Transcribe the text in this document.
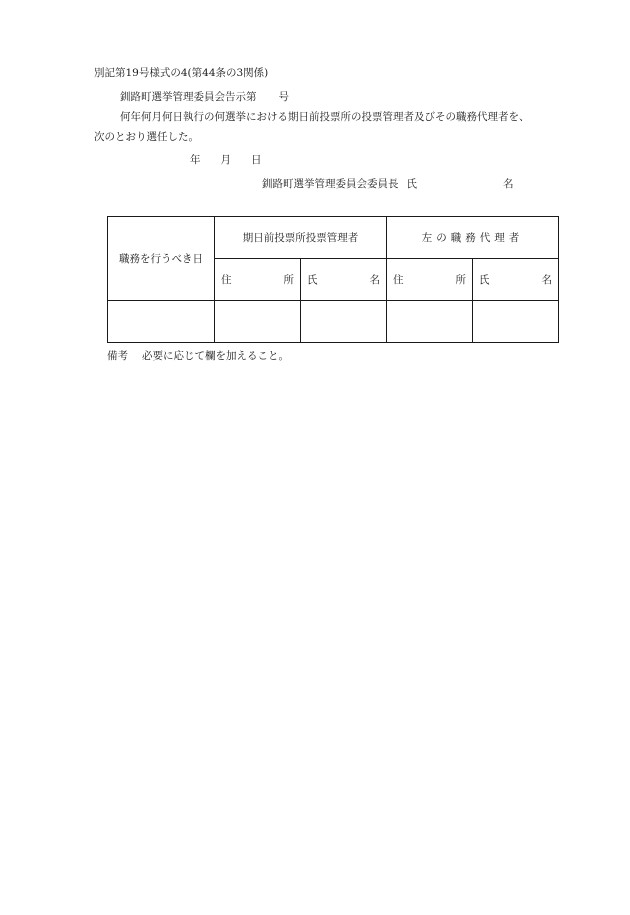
別記第19号様式の4(第44条の3関係)
釧路町選挙管理委員会告示第 号
何年何月何日執行の何選挙における期日前投票所の投票管理者及びその職務代理者を、
次のとおり選任した。
年 月 日
釧路町選挙管理委員会委員長 氏	名
職務を行うべき日	期日前投票所投票管理者		左の職務代理者	

	住 所	氏 名	住 所	氏 名

備考 必要に応じて欄を加えること。
